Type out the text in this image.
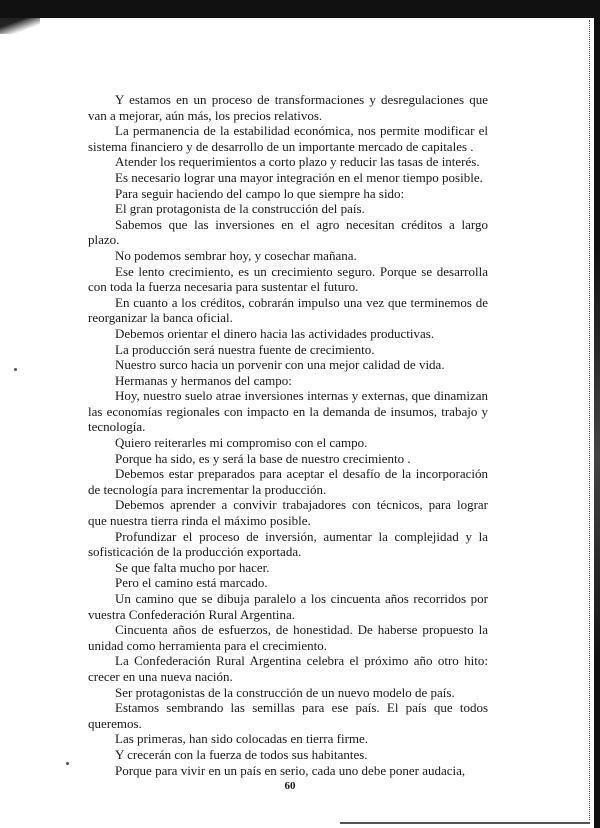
Y estamos en un proceso de transformaciones y desregulaciones que van a mejorar, aún más, los precios relativos.

La permanencia de la estabilidad económica, nos permite modificar el sistema financiero y de desarrollo de un importante mercado de capitales .

Atender los requerimientos a corto plazo y reducir las tasas de interés.

Es necesario lograr una mayor integración en el menor tiempo posible.

Para seguir haciendo del campo lo que siempre ha sido:

El gran protagonista de la construcción del país.

Sabemos que las inversiones en el agro necesitan créditos a largo plazo.

No podemos sembrar hoy, y cosechar mañana.

Ese lento crecimiento, es un crecimiento seguro. Porque se desarrolla con toda la fuerza necesaria para sustentar el futuro.

En cuanto a los créditos, cobrarán impulso una vez que terminemos de reorganizar la banca oficial.

Debemos orientar el dinero hacia las actividades productivas.

La producción será nuestra fuente de crecimiento.

Nuestro surco hacia un porvenir con una mejor calidad de vida.

Hermanas y hermanos del campo:

Hoy, nuestro suelo atrae inversiones internas y externas, que dinamizan las economías regionales con impacto en la demanda de insumos, trabajo y tecnología.

Quiero reiterarles mi compromiso con el campo.

Porque ha sido, es y será la base de nuestro crecimiento .

Debemos estar preparados para aceptar el desafío de la incorporación de tecnología para incrementar la producción.

Debemos aprender a convivir trabajadores con técnicos, para lograr que nuestra tierra rinda el máximo posible.

Profundizar el proceso de inversión, aumentar la complejidad y la sofisticación de la producción exportada.

Se que falta mucho por hacer.

Pero el camino está marcado.

Un camino que se dibuja paralelo a los cincuenta años recorridos por vuestra Confederación Rural Argentina.

Cincuenta años de esfuerzos, de honestidad. De haberse propuesto la unidad como herramienta para el crecimiento.

La Confederación Rural Argentina celebra el próximo año otro hito: crecer en una nueva nación.

Ser protagonistas de la construcción de un nuevo modelo de país.

Estamos sembrando las semillas para ese país. El país que todos queremos.

Las primeras, han sido colocadas en tierra firme.

Y crecerán con la fuerza de todos sus habitantes.

Porque para vivir en un país en serio, cada uno debe poner audacia,

60
